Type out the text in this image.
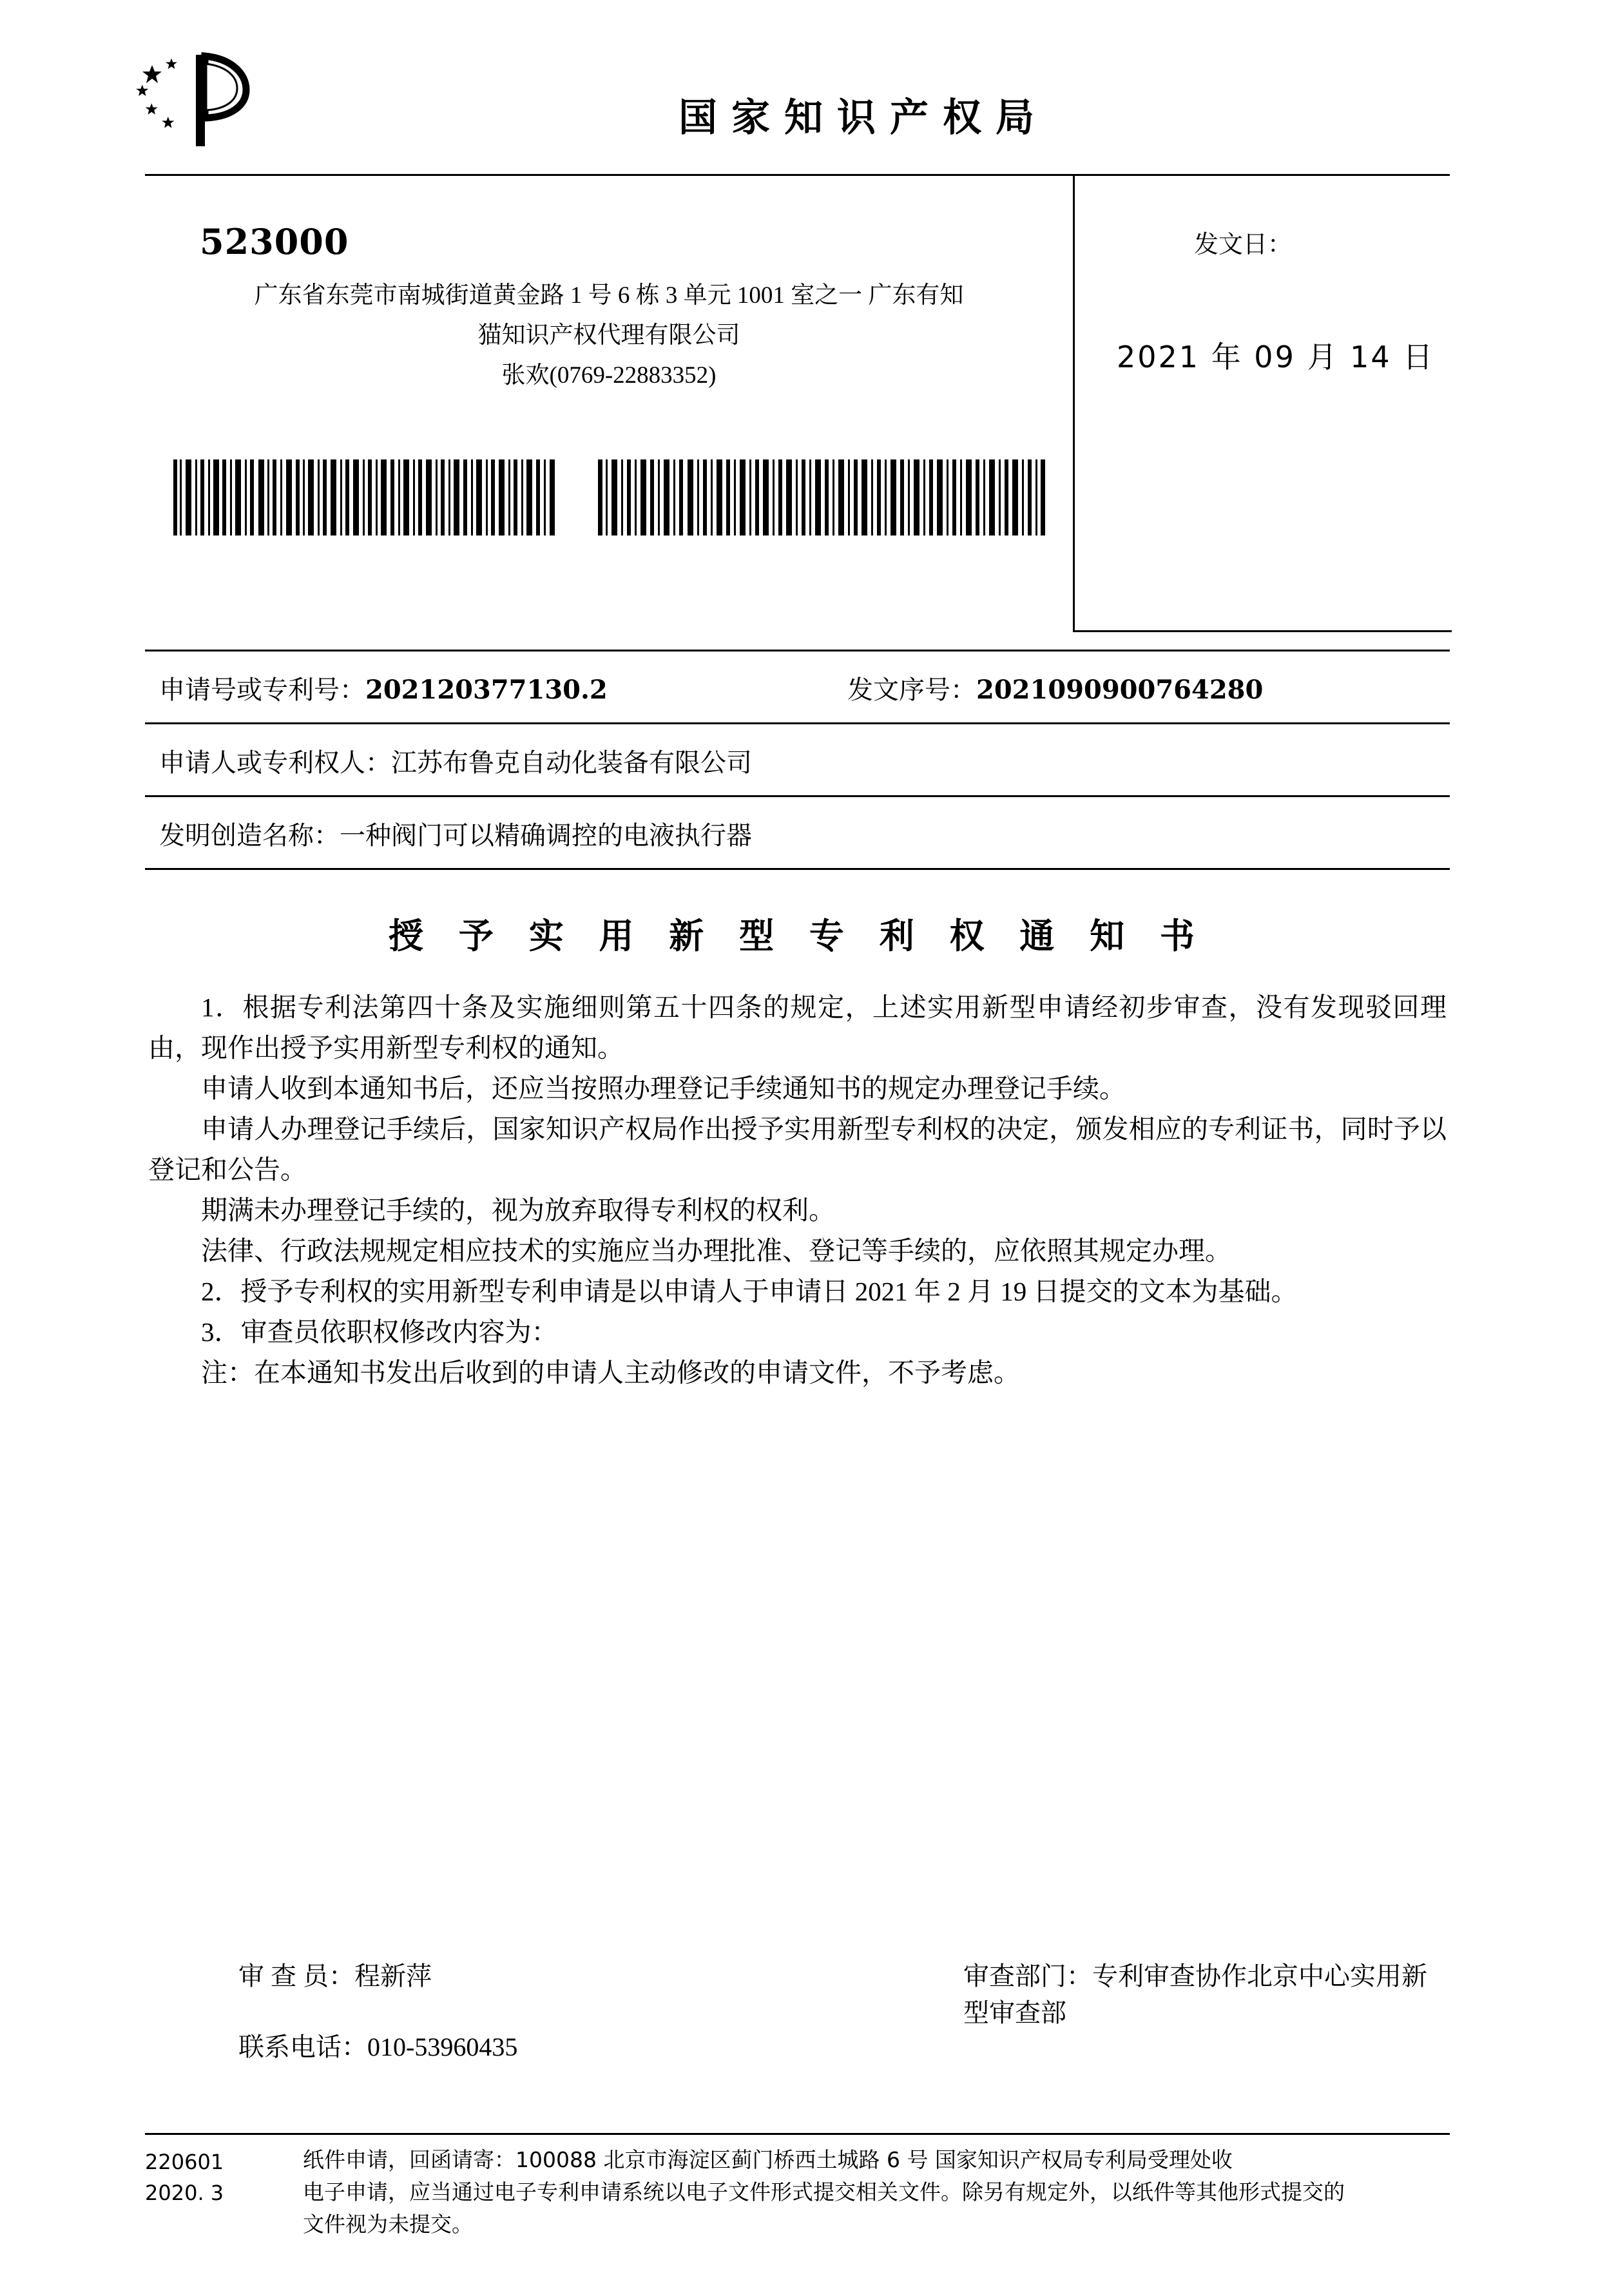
国家知识产权局
523000
广东省东莞市南城街道黄金路 1 号 6 栋 3 单元 1001 室之一 广东有知
猫知识产权代理有限公司
张欢(0769-22883352)
发文日：
2021 年 09 月 14 日
申请号或专利号：202120377130.2	发文序号：2021090900764280
申请人或专利权人：江苏布鲁克自动化装备有限公司
发明创造名称：一种阀门可以精确调控的电液执行器
授 予 实 用 新 型 专 利 权 通 知 书

1．根据专利法第四十条及实施细则第五十四条的规定，上述实用新型申请经初步审查，没有发现驳回理由，现作出授予实用新型专利权的通知。

申请人收到本通知书后，还应当按照办理登记手续通知书的规定办理登记手续。

申请人办理登记手续后，国家知识产权局作出授予实用新型专利权的决定，颁发相应的专利证书，同时予以登记和公告。

期满未办理登记手续的，视为放弃取得专利权的权利。

法律、行政法规规定相应技术的实施应当办理批准、登记等手续的，应依照其规定办理。

2．授予专利权的实用新型专利申请是以申请人于申请日 2021 年 2 月 19 日提交的文本为基础。

3．审查员依职权修改内容为：

注：在本通知书发出后收到的申请人主动修改的申请文件，不予考虑。

审 查 员：程新萍	审查部门：专利审查协作北京中心实用新型审查部
联系电话：010-53960435
220601
2020. 3
纸件申请，回函请寄：100088 北京市海淀区蓟门桥西土城路 6 号 国家知识产权局专利局受理处收
电子申请，应当通过电子专利申请系统以电子文件形式提交相关文件。除另有规定外，以纸件等其他形式提交的
文件视为未提交。
